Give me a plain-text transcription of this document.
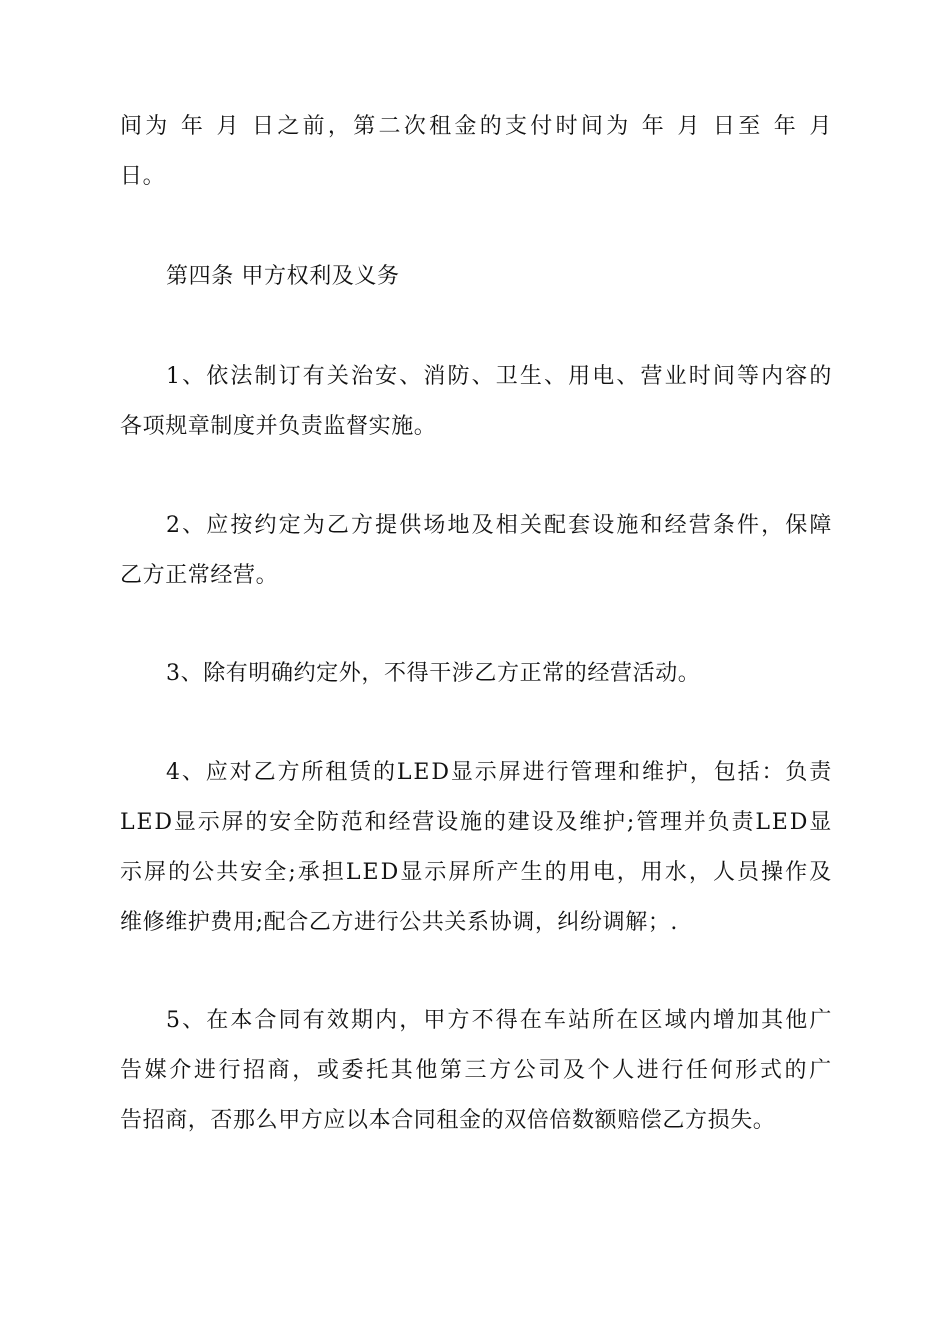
间 为
年
月
日 之 前 ， 第 二 次 租 金 的 支 付 时 间 为
年
月
日 至
年
月
日。
第四条 甲方权利及义务
1 、 依 法 制 订 有 关 治 安 、 消 防 、 卫 生 、 用 电 、 营 业 时 间 等 内 容 的
各项规章制度并负责监督实施。
2 、 应 按 约 定 为 乙 方 提 供 场 地 及 相 关 配 套 设 施 和 经 营 条 件 ， 保 障
乙方正常经营。
3、除有明确约定外，不得干涉乙方正常的经营活动。
4 、 应 对 乙 方 所 租 赁 的 L E D 显 示 屏 进 行 管 理 和 维 护 ， 包 括 ： 负 责
L E D 显 示 屏 的 安 全 防 范 和 经 营 设 施 的 建 设 及 维 护 ; 管 理 并 负 责 L E D 显
示 屏 的 公 共 安 全 ; 承 担 L E D 显 示 屏 所 产 生 的 用 电 ， 用 水 ， 人 员 操 作 及
维修维护费用;配合乙方进行公共关系协调，纠纷调解；.
5 、 在 本 合 同 有 效 期 内 ， 甲 方 不 得 在 车 站 所 在 区 域 内 增 加 其 他 广
告 媒 介 进 行 招 商 ， 或 委 托 其 他 第 三 方 公 司 及 个 人 进 行 任 何 形 式 的 广
告招商，否那么甲方应以本合同租金的双倍倍数额赔偿乙方损失。
